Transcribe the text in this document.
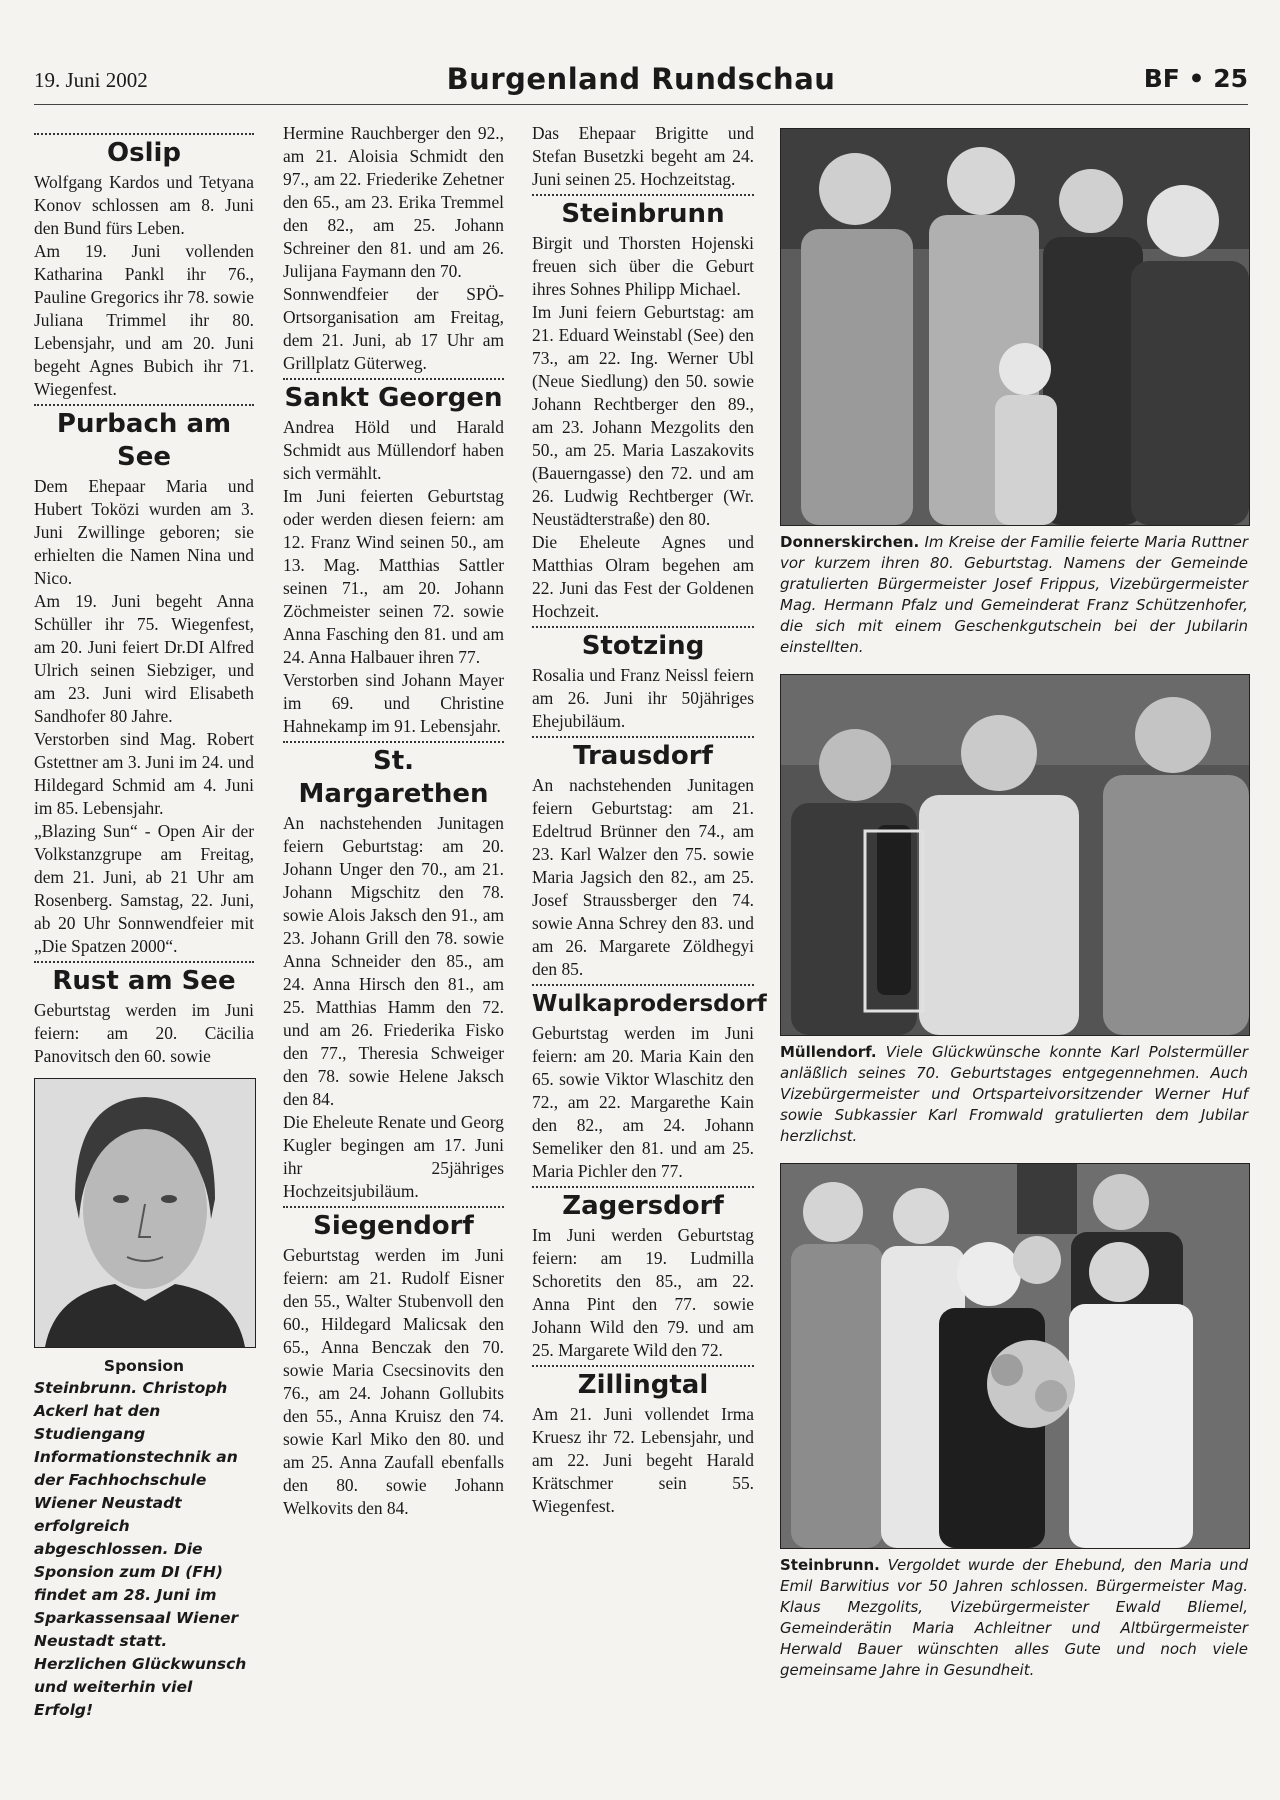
19. Juni 2002	Burgenland Rundschau	BF • 25
Oslip

Wolfgang Kardos und Tetyana Konov schlossen am 8. Juni den Bund fürs Leben.

Am 19. Juni vollenden Katharina Pankl ihr 76., Pauline Gregorics ihr 78. sowie Juliana Trimmel ihr 80. Lebensjahr, und am 20. Juni begeht Agnes Bubich ihr 71. Wiegenfest.

Purbach am See

Dem Ehepaar Maria und Hubert Toközi wurden am 3. Juni Zwillinge geboren; sie erhielten die Namen Nina und Nico.

Am 19. Juni begeht Anna Schüller ihr 75. Wiegenfest, am 20. Juni feiert Dr.DI Alfred Ulrich seinen Siebziger, und am 23. Juni wird Elisabeth Sandhofer 80 Jahre.

Verstorben sind Mag. Robert Gstettner am 3. Juni im 24. und Hildegard Schmid am 4. Juni im 85. Lebensjahr.

„Blazing Sun“ - Open Air der Volkstanzgrupe am Freitag, dem 21. Juni, ab 21 Uhr am Rosenberg. Samstag, 22. Juni, ab 20 Uhr Sonnwendfeier mit „Die Spatzen 2000“.

Rust am See

Geburtstag werden im Juni feiern: am 20. Cäcilia Panovitsch den 60. sowie

Sponsion
Steinbrunn. Christoph Ackerl hat den Studiengang Informationstechnik an der Fachhochschule Wiener Neustadt erfolgreich abgeschlossen. Die Sponsion zum DI (FH) findet am 28. Juni im Sparkassensaal Wiener Neustadt statt. Herzlichen Glückwunsch und weiterhin viel Erfolg!

Hermine Rauchberger den 92., am 21. Aloisia Schmidt den 97., am 22. Friederike Zehetner den 65., am 23. Erika Tremmel den 82., am 25. Johann Schreiner den 81. und am 26. Julijana Faymann den 70.

Sonnwendfeier der SPÖ-Ortsorganisation am Freitag, dem 21. Juni, ab 17 Uhr am Grillplatz Güterweg.

Sankt Georgen

Andrea Höld und Harald Schmidt aus Müllendorf haben sich vermählt.

Im Juni feierten Geburtstag oder werden diesen feiern: am 12. Franz Wind seinen 50., am 13. Mag. Matthias Sattler seinen 71., am 20. Johann Zöchmeister seinen 72. sowie Anna Fasching den 81. und am 24. Anna Halbauer ihren 77.

Verstorben sind Johann Mayer im 69. und Christine Hahnekamp im 91. Lebensjahr.

St. Margarethen

An nachstehenden Junitagen feiern Geburtstag: am 20. Johann Unger den 70., am 21. Johann Migschitz den 78. sowie Alois Jaksch den 91., am 23. Johann Grill den 78. sowie Anna Schneider den 85., am 24. Anna Hirsch den 81., am 25. Matthias Hamm den 72. und am 26. Friederika Fisko den 77., Theresia Schweiger den 78. sowie Helene Jaksch den 84.

Die Eheleute Renate und Georg Kugler begingen am 17. Juni ihr 25jähriges Hochzeitsjubiläum.

Siegendorf

Geburtstag werden im Juni feiern: am 21. Rudolf Eisner den 55., Walter Stubenvoll den 60., Hildegard Malicsak den 65., Anna Benczak den 70. sowie Maria Csecsinovits den 76., am 24. Johann Gollubits den 55., Anna Kruisz den 74. sowie Karl Miko den 80. und am 25. Anna Zaufall ebenfalls den 80. sowie Johann Welkovits den 84.

Das Ehepaar Brigitte und Stefan Busetzki begeht am 24. Juni seinen 25. Hochzeitstag.

Steinbrunn

Birgit und Thorsten Hojenski freuen sich über die Geburt ihres Sohnes Philipp Michael.

Im Juni feiern Geburtstag: am 21. Eduard Weinstabl (See) den 73., am 22. Ing. Werner Ubl (Neue Siedlung) den 50. sowie Johann Rechtberger den 89., am 23. Johann Mezgolits den 50., am 25. Maria Laszakovits (Bauerngasse) den 72. und am 26. Ludwig Rechtberger (Wr. Neustädterstraße) den 80.

Die Eheleute Agnes und Matthias Olram begehen am 22. Juni das Fest der Goldenen Hochzeit.

Stotzing

Rosalia und Franz Neissl feiern am 26. Juni ihr 50jähriges Ehejubiläum.

Trausdorf

An nachstehenden Junitagen feiern Geburtstag: am 21. Edeltrud Brünner den 74., am 23. Karl Walzer den 75. sowie Maria Jagsich den 82., am 25. Josef Straussberger den 74. sowie Anna Schrey den 83. und am 26. Margarete Zöldhegyi den 85.

Wulkaprodersdorf

Geburtstag werden im Juni feiern: am 20. Maria Kain den 65. sowie Viktor Wlaschitz den 72., am 22. Margarethe Kain den 82., am 24. Johann Semeliker den 81. und am 25. Maria Pichler den 77.

Zagersdorf

Im Juni werden Geburtstag feiern: am 19. Ludmilla Schoretits den 85., am 22. Anna Pint den 77. sowie Johann Wild den 79. und am 25. Margarete Wild den 72.

Zillingtal

Am 21. Juni vollendet Irma Kruesz ihr 72. Lebensjahr, und am 22. Juni begeht Harald Krätschmer sein 55. Wiegenfest.

Donnerskirchen. Im Kreise der Familie feierte Maria Ruttner vor kurzem ihren 80. Geburtstag. Namens der Gemeinde gratulierten Bürgermeister Josef Frippus, Vizebürgermeister Mag. Hermann Pfalz und Gemeinderat Franz Schützenhofer, die sich mit einem Geschenkgutschein bei der Jubilarin einstellten.
Müllendorf. Viele Glückwünsche konnte Karl Polstermüller anläßlich seines 70. Geburtstages entgegennehmen. Auch Vizebürgermeister und Ortsparteivorsitzender Werner Huf sowie Subkassier Karl Fromwald gratulierten dem Jubilar herzlichst.
Steinbrunn. Vergoldet wurde der Ehebund, den Maria und Emil Barwitius vor 50 Jahren schlossen. Bürgermeister Mag. Klaus Mezgolits, Vizebürgermeister Ewald Bliemel, Gemeinderätin Maria Achleitner und Altbürgermeister Herwald Bauer wünschten alles Gute und noch viele gemeinsame Jahre in Gesundheit.
